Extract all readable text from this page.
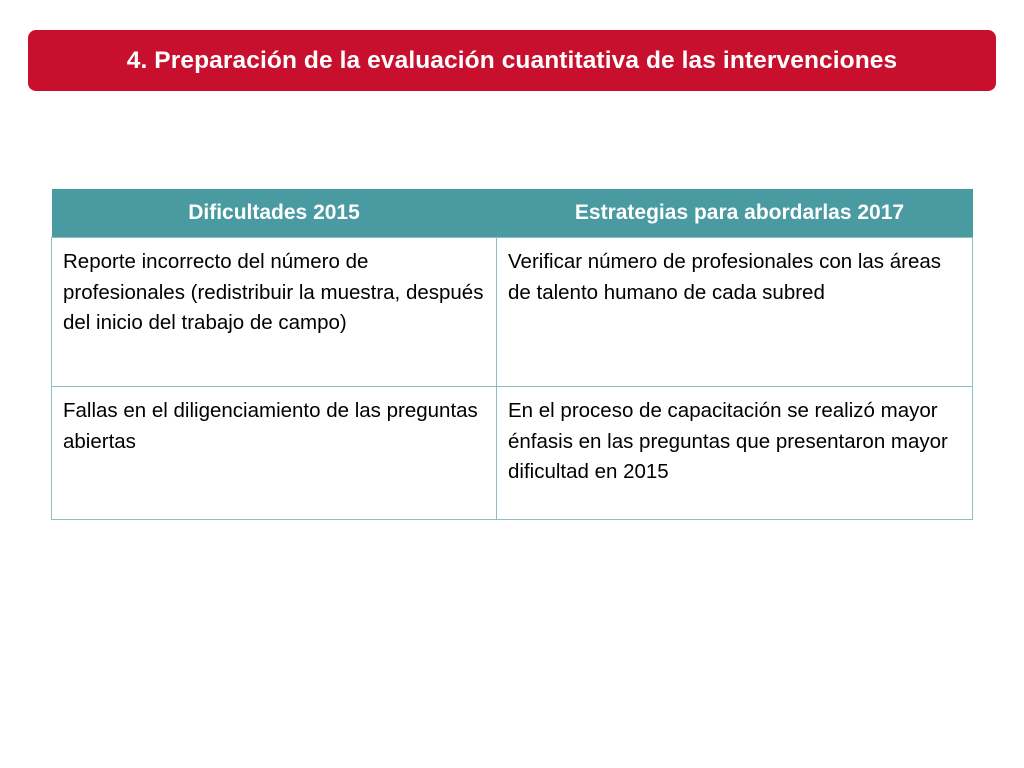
4. Preparación de la evaluación cuantitativa de las intervenciones
Dificultades 2015	Estrategias para abordarlas 2017
Reporte incorrecto del número de profesionales (redistribuir la muestra, después del inicio del trabajo de campo)	Verificar número de profesionales con las áreas de talento humano de cada subred
Fallas en el diligenciamiento de las preguntas abiertas	En el proceso de capacitación se realizó mayor énfasis en las preguntas que presentaron mayor dificultad en 2015
